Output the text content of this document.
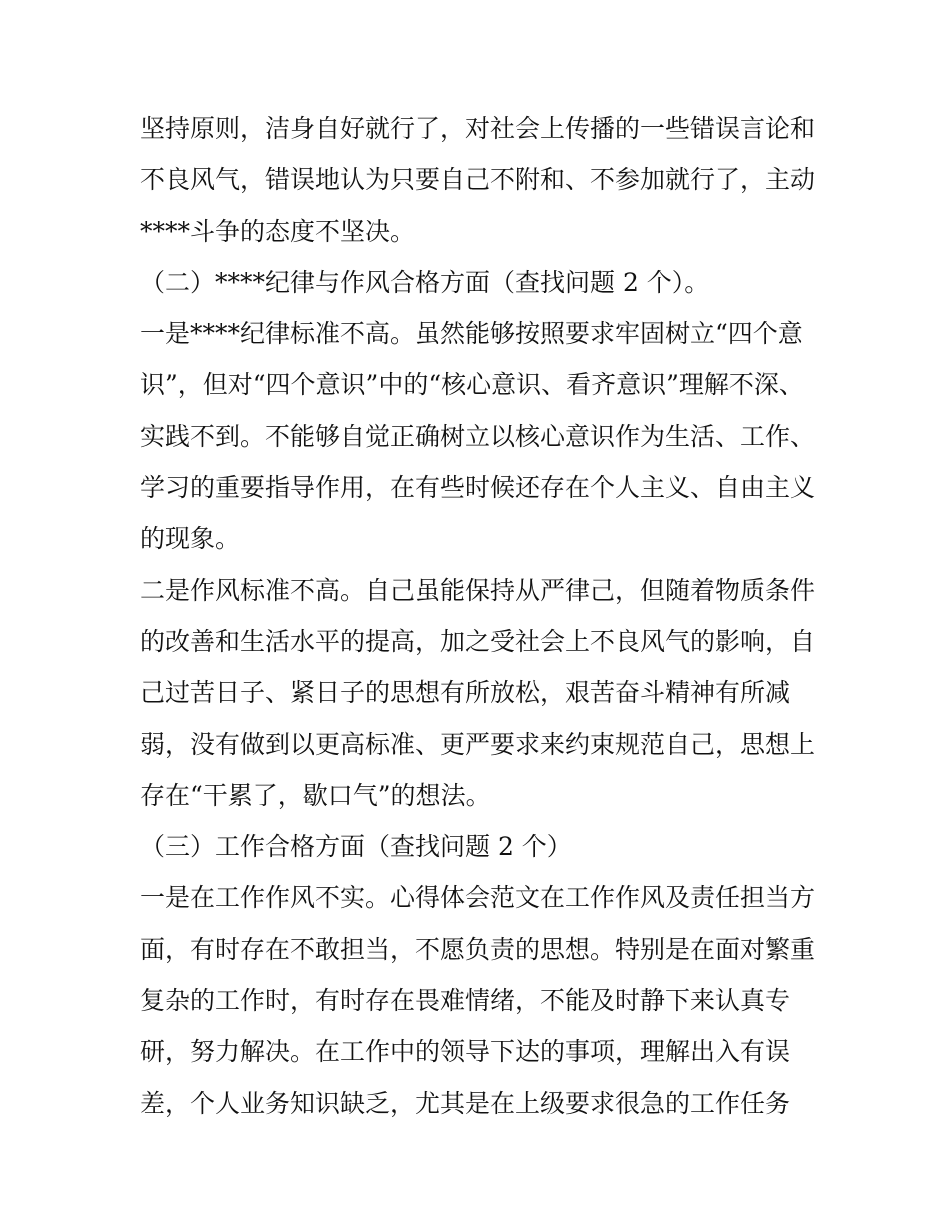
坚持原则，洁身自好就行了，对社会上传播的一些错误言论和
不良风气，错误地认为只要自己不附和、不参加就行了，主动
****斗争的态度不坚决。

（二）****纪律与作风合格方面（查找问题 2 个）。

一是****纪律标准不高。虽然能够按照要求牢固树立“四个意
识”，但对“四个意识”中的“核心意识、看齐意识”理解不深、
实践不到。不能够自觉正确树立以核心意识作为生活、工作、
学习的重要指导作用，在有些时候还存在个人主义、自由主义
的现象。

二是作风标准不高。自己虽能保持从严律己，但随着物质条件
的改善和生活水平的提高，加之受社会上不良风气的影响，自
己过苦日子、紧日子的思想有所放松，艰苦奋斗精神有所减
弱，没有做到以更高标准、更严要求来约束规范自己，思想上
存在“干累了，歇口气”的想法。

（三）工作合格方面（查找问题 2 个）

一是在工作作风不实。心得体会范文在工作作风及责任担当方
面，有时存在不敢担当，不愿负责的思想。特别是在面对繁重
复杂的工作时，有时存在畏难情绪，不能及时静下来认真专
研，努力解决。在工作中的领导下达的事项，理解出入有误
差，个人业务知识缺乏，尤其是在上级要求很急的工作任务
